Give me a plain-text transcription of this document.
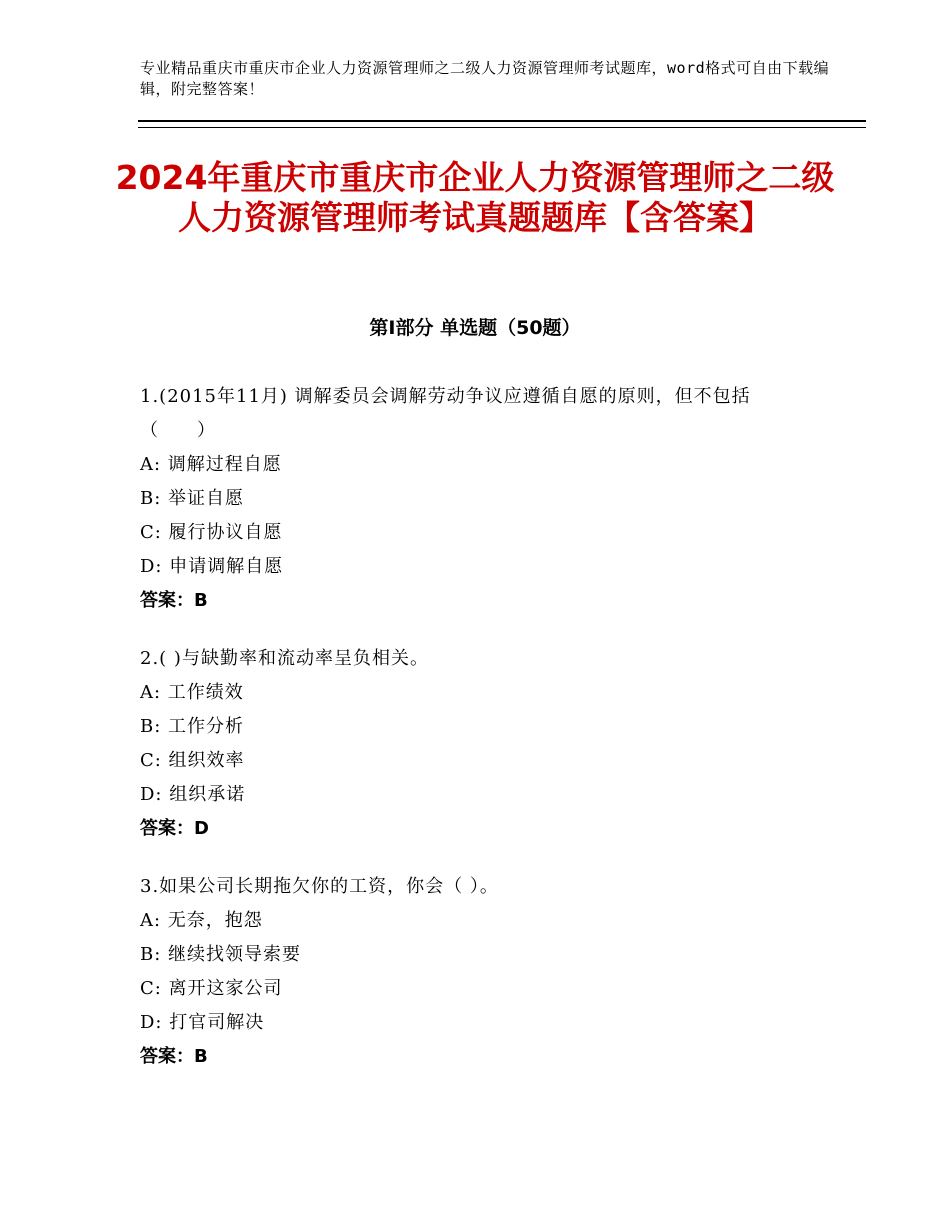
专业精品重庆市重庆市企业人力资源管理师之二级人力资源管理师考试题库，word格式可自由下载编辑，附完整答案！
2024年重庆市重庆市企业人力资源管理师之二级人力资源管理师考试真题题库【含答案】
第Ⅰ部分 单选题（50题）
1.(2015年11月) 调解委员会调解劳动争议应遵循自愿的原则，但不包括 （　　）
A: 调解过程自愿
B: 举证自愿
C: 履行协议自愿
D: 申请调解自愿
答案：B
2.( )与缺勤率和流动率呈负相关。
A: 工作绩效
B: 工作分析
C: 组织效率
D: 组织承诺
答案：D
3.如果公司长期拖欠你的工资，你会（ ）。
A: 无奈，抱怨
B: 继续找领导索要
C: 离开这家公司
D: 打官司解决
答案：B
